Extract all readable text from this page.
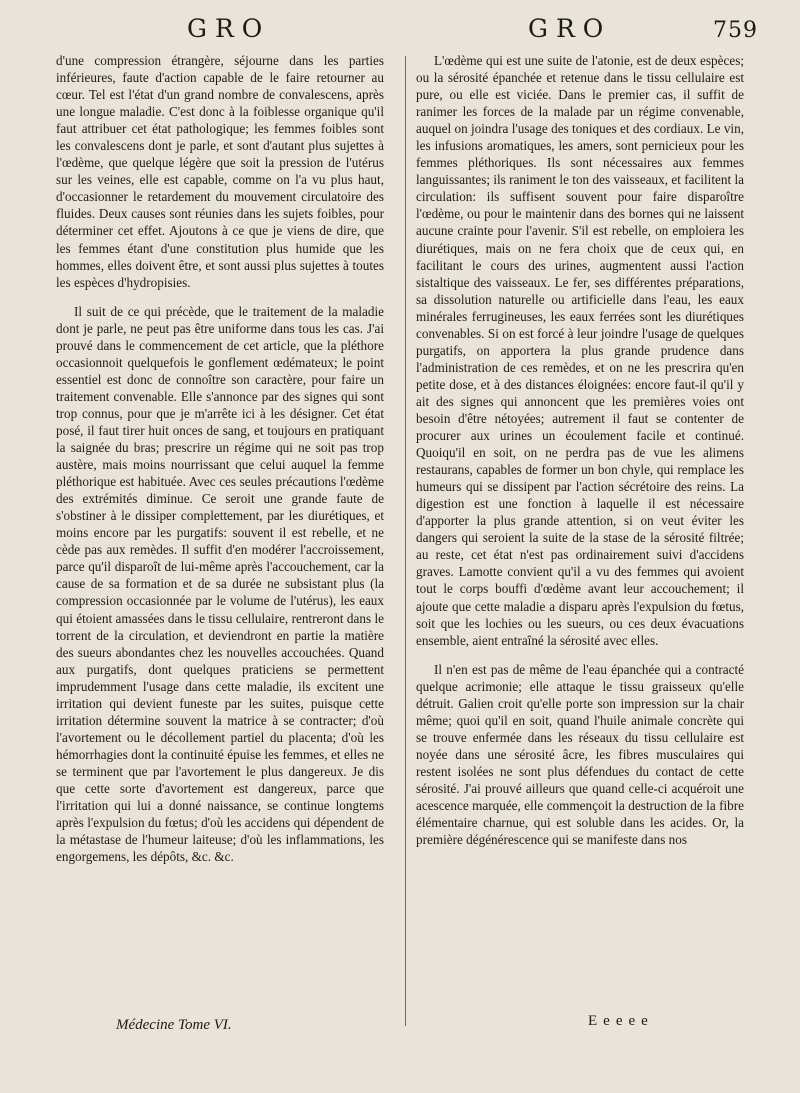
GRO	GRO	759

d'une compression étrangère, séjourne dans les parties inférieures, faute d'action capable de le faire retourner au cœur. Tel est l'état d'un grand nombre de convalescens, après une longue maladie. C'est donc à la foiblesse organique qu'il faut attribuer cet état pathologique; les femmes foibles sont les convalescens dont je parle, et sont d'autant plus sujettes à l'œdème, que quelque légère que soit la pression de l'utérus sur les veines, elle est capable, comme on l'a vu plus haut, d'occasionner le retardement du mouvement circulatoire des fluides. Deux causes sont réunies dans les sujets foibles, pour déterminer cet effet. Ajoutons à ce que je viens de dire, que les femmes étant d'une constitution plus humide que les hommes, elles doivent être, et sont aussi plus sujettes à toutes les espèces d'hydropisies.

Il suit de ce qui précède, que le traitement de la maladie dont je parle, ne peut pas être uniforme dans tous les cas. J'ai prouvé dans le commencement de cet article, que la pléthore occasionnoit quelquefois le gonflement œdémateux; le point essentiel est donc de connoître son caractère, pour faire un traitement convenable. Elle s'annonce par des signes qui sont trop connus, pour que je m'arrête ici à les désigner. Cet état posé, il faut tirer huit onces de sang, et toujours en pratiquant la saignée du bras; prescrire un régime qui ne soit pas trop austère, mais moins nourrissant que celui auquel la femme pléthorique est habituée. Avec ces seules précautions l'œdème des extrémités diminue. Ce seroit une grande faute de s'obstiner à le dissiper complettement, par les diurétiques, et moins encore par les purgatifs: souvent il est rebelle, et ne cède pas aux remèdes. Il suffit d'en modérer l'accroissement, parce qu'il disparoît de lui-même après l'accouchement, car la cause de sa formation et de sa durée ne subsistant plus (la compression occasionnée par le volume de l'utérus), les eaux qui étoient amassées dans le tissu cellulaire, rentreront dans le torrent de la circulation, et deviendront en partie la matière des sueurs abondantes chez les nouvelles accouchées. Quand aux purgatifs, dont quelques praticiens se permettent imprudemment l'usage dans cette maladie, ils excitent une irritation qui devient funeste par les suites, puisque cette irritation détermine souvent la matrice à se contracter; d'où l'avortement ou le décollement partiel du placenta; d'où les hémorrhagies dont la continuité épuise les femmes, et elles ne se terminent que par l'avortement le plus dangereux. Je dis que cette sorte d'avortement est dangereux, parce que l'irritation qui lui a donné naissance, se continue longtems après l'expulsion du fœtus; d'où les accidens qui dépendent de la métastase de l'humeur laiteuse; d'où les inflammations, les engorgemens, les dépôts, &c. &c.

L'œdème qui est une suite de l'atonie, est de deux espèces; ou la sérosité épanchée et retenue dans le tissu cellulaire est pure, ou elle est viciée. Dans le premier cas, il suffit de ranimer les forces de la malade par un régime convenable, auquel on joindra l'usage des toniques et des cordiaux. Le vin, les infusions aromatiques, les amers, sont pernicieux pour les femmes pléthoriques. Ils sont nécessaires aux femmes languissantes; ils raniment le ton des vaisseaux, et facilitent la circulation: ils suffisent souvent pour faire disparoître l'œdème, ou pour le maintenir dans des bornes qui ne laissent aucune crainte pour l'avenir. S'il est rebelle, on emploiera les diurétiques, mais on ne fera choix que de ceux qui, en facilitant le cours des urines, augmentent aussi l'action sistaltique des vaisseaux. Le fer, ses différentes préparations, sa dissolution naturelle ou artificielle dans l'eau, les eaux minérales ferrugineuses, les eaux ferrées sont les diurétiques convenables. Si on est forcé à leur joindre l'usage de quelques purgatifs, on apportera la plus grande prudence dans l'administration de ces remèdes, et on ne les prescrira qu'en petite dose, et à des distances éloignées: encore faut-il qu'il y ait des signes qui annoncent que les premières voies ont besoin d'être nétoyées; autrement il faut se contenter de procurer aux urines un écoulement facile et continué. Quoiqu'il en soit, on ne perdra pas de vue les alimens restaurans, capables de former un bon chyle, qui remplace les humeurs qui se dissipent par l'action sécrétoire des reins. La digestion est une fonction à laquelle il est nécessaire d'apporter la plus grande attention, si on veut éviter les dangers qui seroient la suite de la stase de la sérosité filtrée; au reste, cet état n'est pas ordinairement suivi d'accidens graves. Lamotte convient qu'il a vu des femmes qui avoient tout le corps bouffi d'œdème avant leur accouchement; il ajoute que cette maladie a disparu après l'expulsion du fœtus, soit que les lochies ou les sueurs, ou ces deux évacuations ensemble, aient entraîné la sérosité avec elles.

Il n'en est pas de même de l'eau épanchée qui a contracté quelque acrimonie; elle attaque le tissu graisseux qu'elle détruit. Galien croit qu'elle porte son impression sur la chair même; quoi qu'il en soit, quand l'huile animale concrète qui se trouve enfermée dans les réseaux du tissu cellulaire est noyée dans une sérosité âcre, les fibres musculaires qui restent isolées ne sont plus défendues du contact de cette sérosité. J'ai prouvé ailleurs que quand celle-ci acquéroit une acescence marquée, elle commençoit la destruction de la fibre élémentaire charnue, qui est soluble dans les acides. Or, la première dégénérescence qui se manifeste dans nos

Médecine Tome VI.	Eeeee
